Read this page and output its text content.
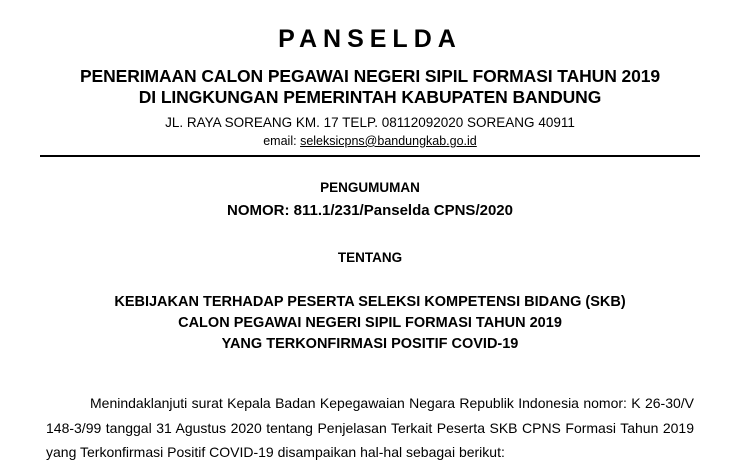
PANSELDA
PENERIMAAN CALON PEGAWAI NEGERI SIPIL FORMASI TAHUN 2019
DI LINGKUNGAN PEMERINTAH KABUPATEN BANDUNG
JL. RAYA SOREANG KM. 17 TELP. 08112092020 SOREANG 40911
email: seleksicpns@bandungkab.go.id
PENGUMUMAN
NOMOR: 811.1/231/Panselda CPNS/2020
TENTANG
KEBIJAKAN TERHADAP PESERTA SELEKSI KOMPETENSI BIDANG (SKB)
CALON PEGAWAI NEGERI SIPIL FORMASI TAHUN 2019
YANG TERKONFIRMASI POSITIF COVID-19
Menindaklanjuti surat Kepala Badan Kepegawaian Negara Republik Indonesia nomor: K 26-30/V 148-3/99 tanggal 31 Agustus 2020 tentang Penjelasan Terkait Peserta SKB CPNS Formasi Tahun 2019 yang Terkonfirmasi Positif COVID-19 disampaikan hal-hal sebagai berikut:
